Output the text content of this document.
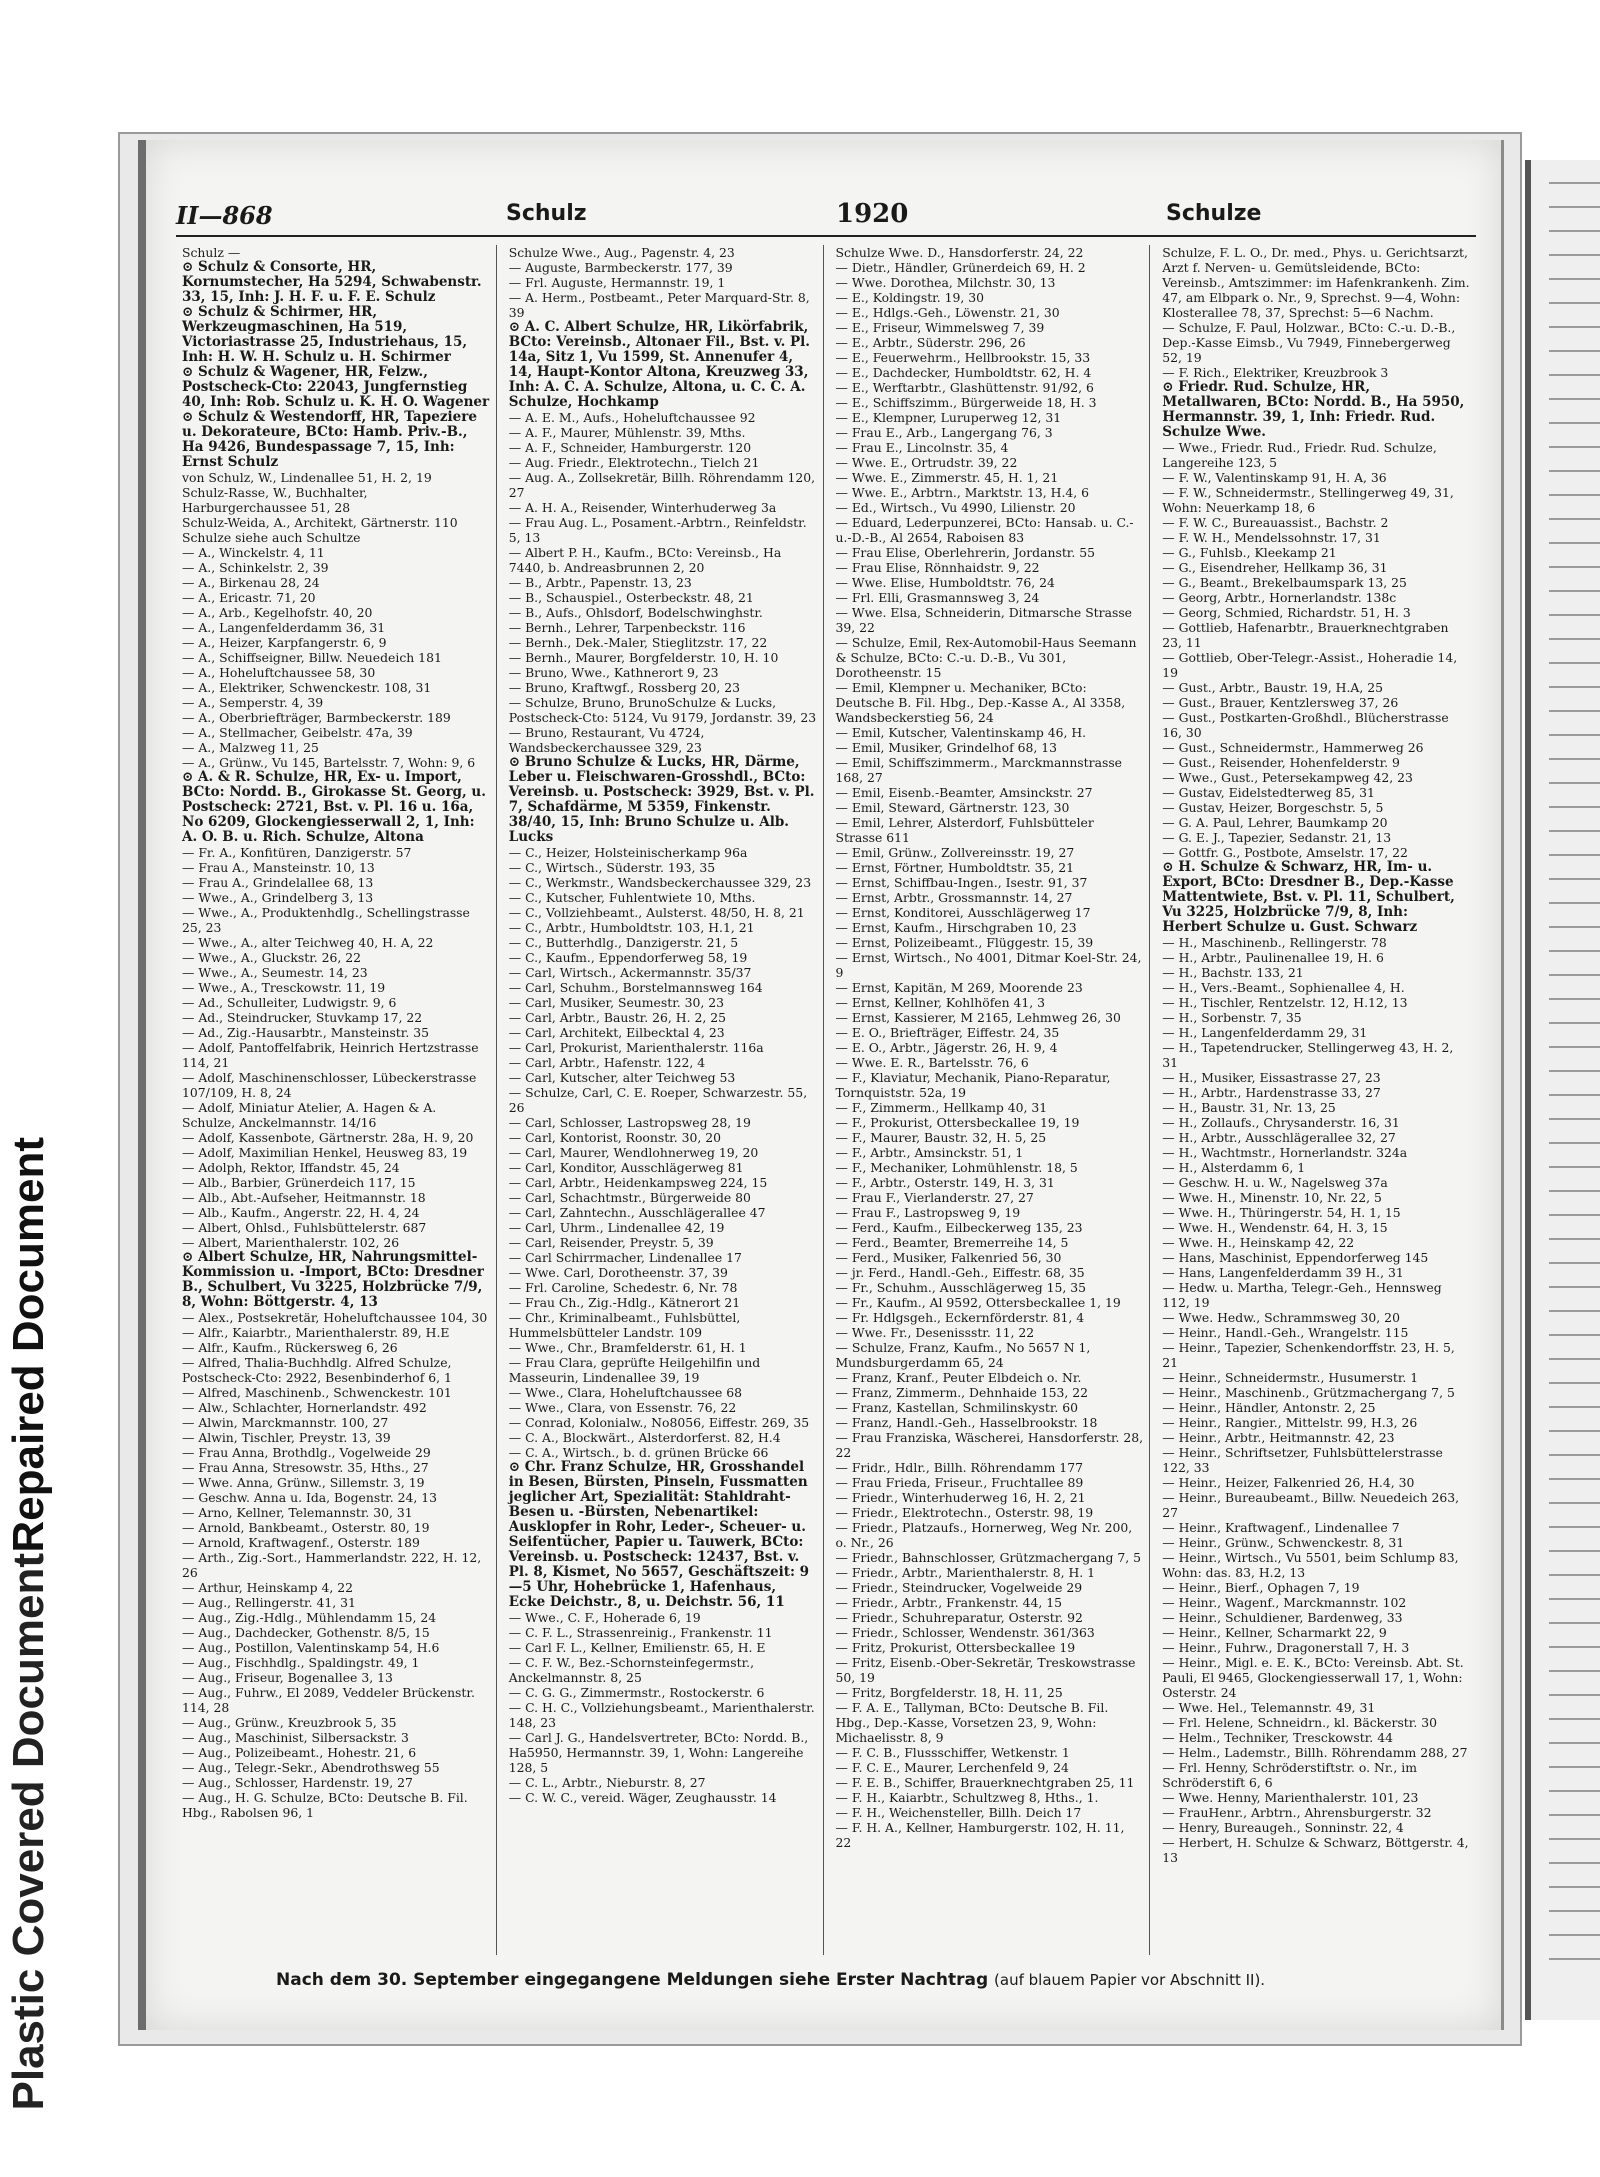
Repaired Document
Plastic Covered Document
II—868	Schulz	1920	Schulze

Schulz —

⊙ Schulz & Consorte, HR, Kornumstecher, Ha 5294, Schwabenstr. 33, 15, Inh: J. H. F. u. F. E. Schulz

⊙ Schulz & Schirmer, HR, Werkzeugmaschinen, Ha 519, Victoriastrasse 25, Industriehaus, 15, Inh: H. W. H. Schulz u. H. Schirmer

⊙ Schulz & Wagener, HR, Felzw., Postscheck-Cto: 22043, Jungfernstieg 40, Inh: Rob. Schulz u. K. H. O. Wagener

⊙ Schulz & Westendorff, HR, Tapeziere u. Dekorateure, BCto: Hamb. Priv.-B., Ha 9426, Bundespassage 7, 15, Inh: Ernst Schulz

von Schulz, W., Lindenallee 51, H. 2, 19

Schulz-Rasse, W., Buchhalter, Harburgerchaussee 51, 28

Schulz-Weida, A., Architekt, Gärtnerstr. 110

Schulze siehe auch Schultze

— A., Winckelstr. 4, 11

— A., Schinkelstr. 2, 39

— A., Birkenau 28, 24

— A., Ericastr. 71, 20

— A., Arb., Kegelhofstr. 40, 20

— A., Langenfelderdamm 36, 31

— A., Heizer, Karpfangerstr. 6, 9

— A., Schiffseigner, Billw. Neuedeich 181

— A., Hoheluftchaussee 58, 30

— A., Elektriker, Schwenckestr. 108, 31

— A., Semperstr. 4, 39

— A., Oberbriefträger, Barmbeckerstr. 189

— A., Stellmacher, Geibelstr. 47a, 39

— A., Malzweg 11, 25

— A., Grünw., Vu 145, Bartelsstr. 7, Wohn: 9, 6

⊙ A. & R. Schulze, HR, Ex- u. Import, BCto: Nordd. B., Girokasse St. Georg, u. Postscheck: 2721, Bst. v. Pl. 16 u. 16a, No 6209, Glockengiesserwall 2, 1, Inh: A. O. B. u. Rich. Schulze, Altona

— Fr. A., Konfitüren, Danzigerstr. 57

— Frau A., Mansteinstr. 10, 13

— Frau A., Grindelallee 68, 13

— Wwe., A., Grindelberg 3, 13

— Wwe., A., Produktenhdlg., Schellingstrasse 25, 23

— Wwe., A., alter Teichweg 40, H. A, 22

— Wwe., A., Gluckstr. 26, 22

— Wwe., A., Seumestr. 14, 23

— Wwe., A., Tresckowstr. 11, 19

— Ad., Schulleiter, Ludwigstr. 9, 6

— Ad., Steindrucker, Stuvkamp 17, 22

— Ad., Zig.-Hausarbtr., Mansteinstr. 35

— Adolf, Pantoffelfabrik, Heinrich Hertzstrasse 114, 21

— Adolf, Maschinenschlosser, Lübeckerstrasse 107/109, H. 8, 24

— Adolf, Miniatur Atelier, A. Hagen & A. Schulze, Anckelmannstr. 14/16

— Adolf, Kassenbote, Gärtnerstr. 28a, H. 9, 20

— Adolf, Maximilian Henkel, Heusweg 83, 19

— Adolph, Rektor, Iffandstr. 45, 24

— Alb., Barbier, Grünerdeich 117, 15

— Alb., Abt.-Aufseher, Heitmannstr. 18

— Alb., Kaufm., Angerstr. 22, H. 4, 24

— Albert, Ohlsd., Fuhlsbüttelerstr. 687

— Albert, Marienthalerstr. 102, 26

⊙ Albert Schulze, HR, Nahrungsmittel-Kommission u. -Import, BCto: Dresdner B., Schulbert, Vu 3225, Holzbrücke 7/9, 8, Wohn: Böttgerstr. 4, 13

— Alex., Postsekretär, Hoheluftchaussee 104, 30

— Alfr., Kaiarbtr., Marienthalerstr. 89, H.E

— Alfr., Kaufm., Rückersweg 6, 26

— Alfred, Thalia-Buchhdlg. Alfred Schulze, Postscheck-Cto: 2922, Besenbinderhof 6, 1

— Alfred, Maschinenb., Schwenckestr. 101

— Alw., Schlachter, Hornerlandstr. 492

— Alwin, Marckmannstr. 100, 27

— Alwin, Tischler, Preystr. 13, 39

— Frau Anna, Brothdlg., Vogelweide 29

— Frau Anna, Stresowstr. 35, Hths., 27

— Wwe. Anna, Grünw., Sillemstr. 3, 19

— Geschw. Anna u. Ida, Bogenstr. 24, 13

— Arno, Kellner, Telemannstr. 30, 31

— Arnold, Bankbeamt., Osterstr. 80, 19

— Arnold, Kraftwagenf., Osterstr. 189

— Arth., Zig.-Sort., Hammerlandstr. 222, H. 12, 26

— Arthur, Heinskamp 4, 22

— Aug., Rellingerstr. 41, 31

— Aug., Zig.-Hdlg., Mühlendamm 15, 24

— Aug., Dachdecker, Gothenstr. 8/5, 15

— Aug., Postillon, Valentinskamp 54, H.6

— Aug., Fischhdlg., Spaldingstr. 49, 1

— Aug., Friseur, Bogenallee 3, 13

— Aug., Fuhrw., El 2089, Veddeler Brückenstr. 114, 28

— Aug., Grünw., Kreuzbrook 5, 35

— Aug., Maschinist, Silbersackstr. 3

— Aug., Polizeibeamt., Hohestr. 21, 6

— Aug., Telegr.-Sekr., Abendrothsweg 55

— Aug., Schlosser, Hardenstr. 19, 27

— Aug., H. G. Schulze, BCto: Deutsche B. Fil. Hbg., Rabolsen 96, 1

Schulze Wwe., Aug., Pagenstr. 4, 23

— Auguste, Barmbeckerstr. 177, 39

— Frl. Auguste, Hermannstr. 19, 1

— A. Herm., Postbeamt., Peter Marquard-Str. 8, 39

⊙ A. C. Albert Schulze, HR, Likörfabrik, BCto: Vereinsb., Altonaer Fil., Bst. v. Pl. 14a, Sitz 1, Vu 1599, St. Annenufer 4, 14, Haupt-Kontor Altona, Kreuzweg 33, Inh: A. C. A. Schulze, Altona, u. C. C. A. Schulze, Hochkamp

— A. E. M., Aufs., Hoheluftchaussee 92

— A. F., Maurer, Mühlenstr. 39, Mths.

— A. F., Schneider, Hamburgerstr. 120

— Aug. Friedr., Elektrotechn., Tielch 21

— Aug. A., Zollsekretär, Billh. Röhrendamm 120, 27

— A. H. A., Reisender, Winterhuderweg 3a

— Frau Aug. L., Posament.-Arbtrn., Reinfeldstr. 5, 13

— Albert P. H., Kaufm., BCto: Vereinsb., Ha 7440, b. Andreasbrunnen 2, 20

— B., Arbtr., Papenstr. 13, 23

— B., Schauspiel., Osterbeckstr. 48, 21

— B., Aufs., Ohlsdorf, Bodelschwinghstr.

— Bernh., Lehrer, Tarpenbeckstr. 116

— Bernh., Dek.-Maler, Stieglitzstr. 17, 22

— Bernh., Maurer, Borgfelderstr. 10, H. 10

— Bruno, Wwe., Kathnerort 9, 23

— Bruno, Kraftwgf., Rossberg 20, 23

— Schulze, Bruno, BrunoSchulze & Lucks, Postscheck-Cto: 5124, Vu 9179, Jordanstr. 39, 23

— Bruno, Restaurant, Vu 4724, Wandsbeckerchaussee 329, 23

⊙ Bruno Schulze & Lucks, HR, Därme, Leber u. Fleischwaren-Grosshdl., BCto: Vereinsb. u. Postscheck: 3929, Bst. v. Pl. 7, Schafdärme, M 5359, Finkenstr. 38/40, 15, Inh: Bruno Schulze u. Alb. Lucks

— C., Heizer, Holsteinischerkamp 96a

— C., Wirtsch., Süderstr. 193, 35

— C., Werkmstr., Wandsbeckerchaussee 329, 23

— C., Kutscher, Fuhlentwiete 10, Mths.

— C., Vollziehbeamt., Aulsterst. 48/50, H. 8, 21

— C., Arbtr., Humboldtstr. 103, H.1, 21

— C., Butterhdlg., Danzigerstr. 21, 5

— C., Kaufm., Eppendorferweg 58, 19

— Carl, Wirtsch., Ackermannstr. 35/37

— Carl, Schuhm., Borstelmannsweg 164

— Carl, Musiker, Seumestr. 30, 23

— Carl, Arbtr., Baustr. 26, H. 2, 25

— Carl, Architekt, Eilbecktal 4, 23

— Carl, Prokurist, Marienthalerstr. 116a

— Carl, Arbtr., Hafenstr. 122, 4

— Carl, Kutscher, alter Teichweg 53

— Schulze, Carl, C. E. Roeper, Schwarzestr. 55, 26

— Carl, Schlosser, Lastropsweg 28, 19

— Carl, Kontorist, Roonstr. 30, 20

— Carl, Maurer, Wendlohnerweg 19, 20

— Carl, Konditor, Ausschlägerweg 81

— Carl, Arbtr., Heidenkampsweg 224, 15

— Carl, Schachtmstr., Bürgerweide 80

— Carl, Zahntechn., Ausschlägerallee 47

— Carl, Uhrm., Lindenallee 42, 19

— Carl, Reisender, Preystr. 5, 39

— Carl Schirrmacher, Lindenallee 17

— Wwe. Carl, Dorotheenstr. 37, 39

— Frl. Caroline, Schedestr. 6, Nr. 78

— Frau Ch., Zig.-Hdlg., Kätnerort 21

— Chr., Kriminalbeamt., Fuhlsbüttel, Hummelsbütteler Landstr. 109

— Wwe., Chr., Bramfelderstr. 61, H. 1

— Frau Clara, geprüfte Heilgehilfin und Masseurin, Lindenallee 39, 19

— Wwe., Clara, Hoheluftchaussee 68

— Wwe., Clara, von Essenstr. 76, 22

— Conrad, Kolonialw., No8056, Eiffestr. 269, 35

— C. A., Blockwärt., Alsterdorferst. 82, H.4

— C. A., Wirtsch., b. d. grünen Brücke 66

⊙ Chr. Franz Schulze, HR, Grosshandel in Besen, Bürsten, Pinseln, Fussmatten jeglicher Art, Spezialität: Stahldraht-Besen u. -Bürsten, Nebenartikel: Ausklopfer in Rohr, Leder-, Scheuer- u. Seifentücher, Papier u. Tauwerk, BCto: Vereinsb. u. Postscheck: 12437, Bst. v. Pl. 8, Kismet, No 5657, Geschäftszeit: 9—5 Uhr, Hohebrücke 1, Hafenhaus, Ecke Deichstr., 8, u. Deichstr. 56, 11

— Wwe., C. F., Hoherade 6, 19

— C. F. L., Strassenreinig., Frankenstr. 11

— Carl F. L., Kellner, Emilienstr. 65, H. E

— C. F. W., Bez.-Schornsteinfegermstr., Anckelmannstr. 8, 25

— C. G. G., Zimmermstr., Rostockerstr. 6

— C. H. C., Vollziehungsbeamt., Marienthalerstr. 148, 23

— Carl J. G., Handelsvertreter, BCto: Nordd. B., Ha5950, Hermannstr. 39, 1, Wohn: Langereihe 128, 5

— C. L., Arbtr., Nieburstr. 8, 27

— C. W. C., vereid. Wäger, Zeughausstr. 14

Schulze Wwe. D., Hansdorferstr. 24, 22

— Dietr., Händler, Grünerdeich 69, H. 2

— Wwe. Dorothea, Milchstr. 30, 13

— E., Koldingstr. 19, 30

— E., Hdlgs.-Geh., Löwenstr. 21, 30

— E., Friseur, Wimmelsweg 7, 39

— E., Arbtr., Süderstr. 296, 26

— E., Feuerwehrm., Hellbrookstr. 15, 33

— E., Dachdecker, Humboldtstr. 62, H. 4

— E., Werftarbtr., Glashüttenstr. 91/92, 6

— E., Schiffszimm., Bürgerweide 18, H. 3

— E., Klempner, Luruperweg 12, 31

— Frau E., Arb., Langergang 76, 3

— Frau E., Lincolnstr. 35, 4

— Wwe. E., Ortrudstr. 39, 22

— Wwe. E., Zimmerstr. 45, H. 1, 21

— Wwe. E., Arbtrn., Marktstr. 13, H.4, 6

— Ed., Wirtsch., Vu 4990, Lilienstr. 20

— Eduard, Lederpunzerei, BCto: Hansab. u. C.-u.-D.-B., Al 2654, Raboisen 83

— Frau Elise, Oberlehrerin, Jordanstr. 55

— Frau Elise, Rönnhaidstr. 9, 22

— Wwe. Elise, Humboldtstr. 76, 24

— Frl. Elli, Grasmannsweg 3, 24

— Wwe. Elsa, Schneiderin, Ditmarsche Strasse 39, 22

— Schulze, Emil, Rex-Automobil-Haus Seemann & Schulze, BCto: C.-u. D.-B., Vu 301, Dorotheenstr. 15

— Emil, Klempner u. Mechaniker, BCto: Deutsche B. Fil. Hbg., Dep.-Kasse A., Al 3358, Wandsbeckerstieg 56, 24

— Emil, Kutscher, Valentinskamp 46, H.

— Emil, Musiker, Grindelhof 68, 13

— Emil, Schiffszimmerm., Marckmannstrasse 168, 27

— Emil, Eisenb.-Beamter, Amsinckstr. 27

— Emil, Steward, Gärtnerstr. 123, 30

— Emil, Lehrer, Alsterdorf, Fuhlsbütteler Strasse 611

— Emil, Grünw., Zollvereinsstr. 19, 27

— Ernst, Förtner, Humboldtstr. 35, 21

— Ernst, Schiffbau-Ingen., Isestr. 91, 37

— Ernst, Arbtr., Grossmannstr. 14, 27

— Ernst, Konditorei, Ausschlägerweg 17

— Ernst, Kaufm., Hirschgraben 10, 23

— Ernst, Polizeibeamt., Flüggestr. 15, 39

— Ernst, Wirtsch., No 4001, Ditmar Koel-Str. 24, 9

— Ernst, Kapitän, M 269, Moorende 23

— Ernst, Kellner, Kohlhöfen 41, 3

— Ernst, Kassierer, M 2165, Lehmweg 26, 30

— E. O., Briefträger, Eiffestr. 24, 35

— E. O., Arbtr., Jägerstr. 26, H. 9, 4

— Wwe. E. R., Bartelsstr. 76, 6

— F., Klaviatur, Mechanik, Piano-Reparatur, Tornquiststr. 52a, 19

— F., Zimmerm., Hellkamp 40, 31

— F., Prokurist, Ottersbeckallee 19, 19

— F., Maurer, Baustr. 32, H. 5, 25

— F., Arbtr., Amsinckstr. 51, 1

— F., Mechaniker, Lohmühlenstr. 18, 5

— F., Arbtr., Osterstr. 149, H. 3, 31

— Frau F., Vierlanderstr. 27, 27

— Frau F., Lastropsweg 9, 19

— Ferd., Kaufm., Eilbeckerweg 135, 23

— Ferd., Beamter, Bremerreihe 14, 5

— Ferd., Musiker, Falkenried 56, 30

— jr. Ferd., Handl.-Geh., Eiffestr. 68, 35

— Fr., Schuhm., Ausschlägerweg 15, 35

— Fr., Kaufm., Al 9592, Ottersbeckallee 1, 19

— Fr. Hdlgsgeh., Eckernförderstr. 81, 4

— Wwe. Fr., Desenissstr. 11, 22

— Schulze, Franz, Kaufm., No 5657 N 1, Mundsburgerdamm 65, 24

— Franz, Kranf., Peuter Elbdeich o. Nr.

— Franz, Zimmerm., Dehnhaide 153, 22

— Franz, Kastellan, Schmilinskystr. 60

— Franz, Handl.-Geh., Hasselbrookstr. 18

— Frau Franziska, Wäscherei, Hansdorferstr. 28, 22

— Fridr., Hdlr., Billh. Röhrendamm 177

— Frau Frieda, Friseur., Fruchtallee 89

— Friedr., Winterhuderweg 16, H. 2, 21

— Friedr., Elektrotechn., Osterstr. 98, 19

— Friedr., Platzaufs., Hornerweg, Weg Nr. 200, o. Nr., 26

— Friedr., Bahnschlosser, Grützmachergang 7, 5

— Friedr., Arbtr., Marienthalerstr. 8, H. 1

— Friedr., Steindrucker, Vogelweide 29

— Friedr., Arbtr., Frankenstr. 44, 15

— Friedr., Schuhreparatur, Osterstr. 92

— Friedr., Schlosser, Wendenstr. 361/363

— Fritz, Prokurist, Ottersbeckallee 19

— Fritz, Eisenb.-Ober-Sekretär, Treskowstrasse 50, 19

— Fritz, Borgfelderstr. 18, H. 11, 25

— F. A. E., Tallyman, BCto: Deutsche B. Fil. Hbg., Dep.-Kasse, Vorsetzen 23, 9, Wohn: Michaelisstr. 8, 9

— F. C. B., Flussschiffer, Wetkenstr. 1

— F. C. E., Maurer, Lerchenfeld 9, 24

— F. E. B., Schiffer, Brauerknechtgraben 25, 11

— F. H., Kaiarbtr., Schultzweg 8, Hths., 1.

— F. H., Weichensteller, Billh. Deich 17

— F. H. A., Kellner, Hamburgerstr. 102, H. 11, 22

Schulze, F. L. O., Dr. med., Phys. u. Gerichtsarzt, Arzt f. Nerven- u. Gemütsleidende, BCto: Vereinsb., Amtszimmer: im Hafenkrankenh. Zim. 47, am Elbpark o. Nr., 9, Sprechst. 9—4, Wohn: Klosterallee 78, 37, Sprechst: 5—6 Nachm.

— Schulze, F. Paul, Holzwar., BCto: C.-u. D.-B., Dep.-Kasse Eimsb., Vu 7949, Finnebergerweg 52, 19

— F. Rich., Elektriker, Kreuzbrook 3

⊙ Friedr. Rud. Schulze, HR, Metallwaren, BCto: Nordd. B., Ha 5950, Hermannstr. 39, 1, Inh: Friedr. Rud. Schulze Wwe.

— Wwe., Friedr. Rud., Friedr. Rud. Schulze, Langereihe 123, 5

— F. W., Valentinskamp 91, H. A, 36

— F. W., Schneidermstr., Stellingerweg 49, 31, Wohn: Neuerkamp 18, 6

— F. W. C., Bureauassist., Bachstr. 2

— F. W. H., Mendelssohnstr. 17, 31

— G., Fuhlsb., Kleekamp 21

— G., Eisendreher, Hellkamp 36, 31

— G., Beamt., Brekelbaumspark 13, 25

— Georg, Arbtr., Hornerlandstr. 138c

— Georg, Schmied, Richardstr. 51, H. 3

— Gottlieb, Hafenarbtr., Brauerknechtgraben 23, 11

— Gottlieb, Ober-Telegr.-Assist., Hoheradie 14, 19

— Gust., Arbtr., Baustr. 19, H.A, 25

— Gust., Brauer, Kentzlersweg 37, 26

— Gust., Postkarten-Großhdl., Blücherstrasse 16, 30

— Gust., Schneidermstr., Hammerweg 26

— Gust., Reisender, Hohenfelderstr. 9

— Wwe., Gust., Petersekampweg 42, 23

— Gustav, Eidelstedterweg 85, 31

— Gustav, Heizer, Borgeschstr. 5, 5

— G. A. Paul, Lehrer, Baumkamp 20

— G. E. J., Tapezier, Sedanstr. 21, 13

— Gottfr. G., Postbote, Amselstr. 17, 22

⊙ H. Schulze & Schwarz, HR, Im- u. Export, BCto: Dresdner B., Dep.-Kasse Mattentwiete, Bst. v. Pl. 11, Schulbert, Vu 3225, Holzbrücke 7/9, 8, Inh: Herbert Schulze u. Gust. Schwarz

— H., Maschinenb., Rellingerstr. 78

— H., Arbtr., Paulinenallee 19, H. 6

— H., Bachstr. 133, 21

— H., Vers.-Beamt., Sophienallee 4, H.

— H., Tischler, Rentzelstr. 12, H.12, 13

— H., Sorbenstr. 7, 35

— H., Langenfelderdamm 29, 31

— H., Tapetendrucker, Stellingerweg 43, H. 2, 31

— H., Musiker, Eissastrasse 27, 23

— H., Arbtr., Hardenstrasse 33, 27

— H., Baustr. 31, Nr. 13, 25

— H., Zollaufs., Chrysanderstr. 16, 31

— H., Arbtr., Ausschlägerallee 32, 27

— H., Wachtmstr., Hornerlandstr. 324a

— H., Alsterdamm 6, 1

— Geschw. H. u. W., Nagelsweg 37a

— Wwe. H., Minenstr. 10, Nr. 22, 5

— Wwe. H., Thüringerstr. 54, H. 1, 15

— Wwe. H., Wendenstr. 64, H. 3, 15

— Wwe. H., Heinskamp 42, 22

— Hans, Maschinist, Eppendorferweg 145

— Hans, Langenfelderdamm 39 H., 31

— Hedw. u. Martha, Telegr.-Geh., Hennsweg 112, 19

— Wwe. Hedw., Schrammsweg 30, 20

— Heinr., Handl.-Geh., Wrangelstr. 115

— Heinr., Tapezier, Schenkendorffstr. 23, H. 5, 21

— Heinr., Schneidermstr., Husumerstr. 1

— Heinr., Maschinenb., Grützmachergang 7, 5

— Heinr., Händler, Antonstr. 2, 25

— Heinr., Rangier., Mittelstr. 99, H.3, 26

— Heinr., Arbtr., Heitmannstr. 42, 23

— Heinr., Schriftsetzer, Fuhlsbüttelerstrasse 122, 33

— Heinr., Heizer, Falkenried 26, H.4, 30

— Heinr., Bureaubeamt., Billw. Neuedeich 263, 27

— Heinr., Kraftwagenf., Lindenallee 7

— Heinr., Grünw., Schwenckestr. 8, 31

— Heinr., Wirtsch., Vu 5501, beim Schlump 83, Wohn: das. 83, H.2, 13

— Heinr., Bierf., Ophagen 7, 19

— Heinr., Wagenf., Marckmannstr. 102

— Heinr., Schuldiener, Bardenweg, 33

— Heinr., Kellner, Scharmarkt 22, 9

— Heinr., Fuhrw., Dragonerstall 7, H. 3

— Heinr., Migl. e. E. K., BCto: Vereinsb. Abt. St. Pauli, El 9465, Glockengiesserwall 17, 1, Wohn: Osterstr. 24

— Wwe. Hel., Telemannstr. 49, 31

— Frl. Helene, Schneidrn., kl. Bäckerstr. 30

— Helm., Techniker, Tresckowstr. 44

— Helm., Lademstr., Billh. Röhrendamm 288, 27

— Frl. Henny, Schröderstiftstr. o. Nr., im Schröderstift 6, 6

— Wwe. Henny, Marienthalerstr. 101, 23

— FrauHenr., Arbtrn., Ahrensburgerstr. 32

— Henry, Bureaugeh., Sonninstr. 22, 4

— Herbert, H. Schulze & Schwarz, Böttgerstr. 4, 13

Nach dem 30. September eingegangene Meldungen siehe Erster Nachtrag (auf blauem Papier vor Abschnitt II).
